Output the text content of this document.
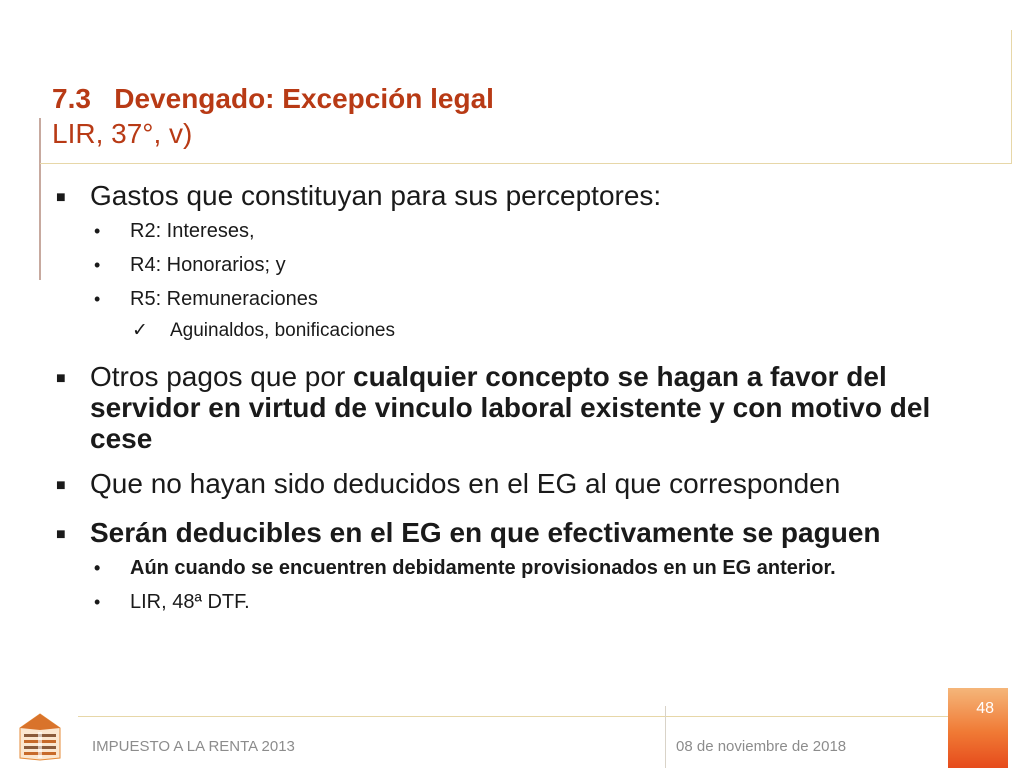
7.3   Devengado: Excepción legal
LIR, 37°, v)
■ Gastos que constituyan para sus perceptores:
• R2: Intereses,
• R4: Honorarios; y
• R5: Remuneraciones
✓ Aguinaldos, bonificaciones
■ Otros pagos que por cualquier concepto se hagan a favor del servidor en virtud de vinculo laboral existente y con motivo del cese
■ Que no hayan sido deducidos en el EG al que corresponden
■ Serán deducibles en el EG en que efectivamente se paguen
• Aún cuando se encuentren debidamente provisionados en un EG anterior.
• LIR, 48ª DTF.
IMPUESTO A LA RENTA 2013	08 de noviembre de 2018
48
